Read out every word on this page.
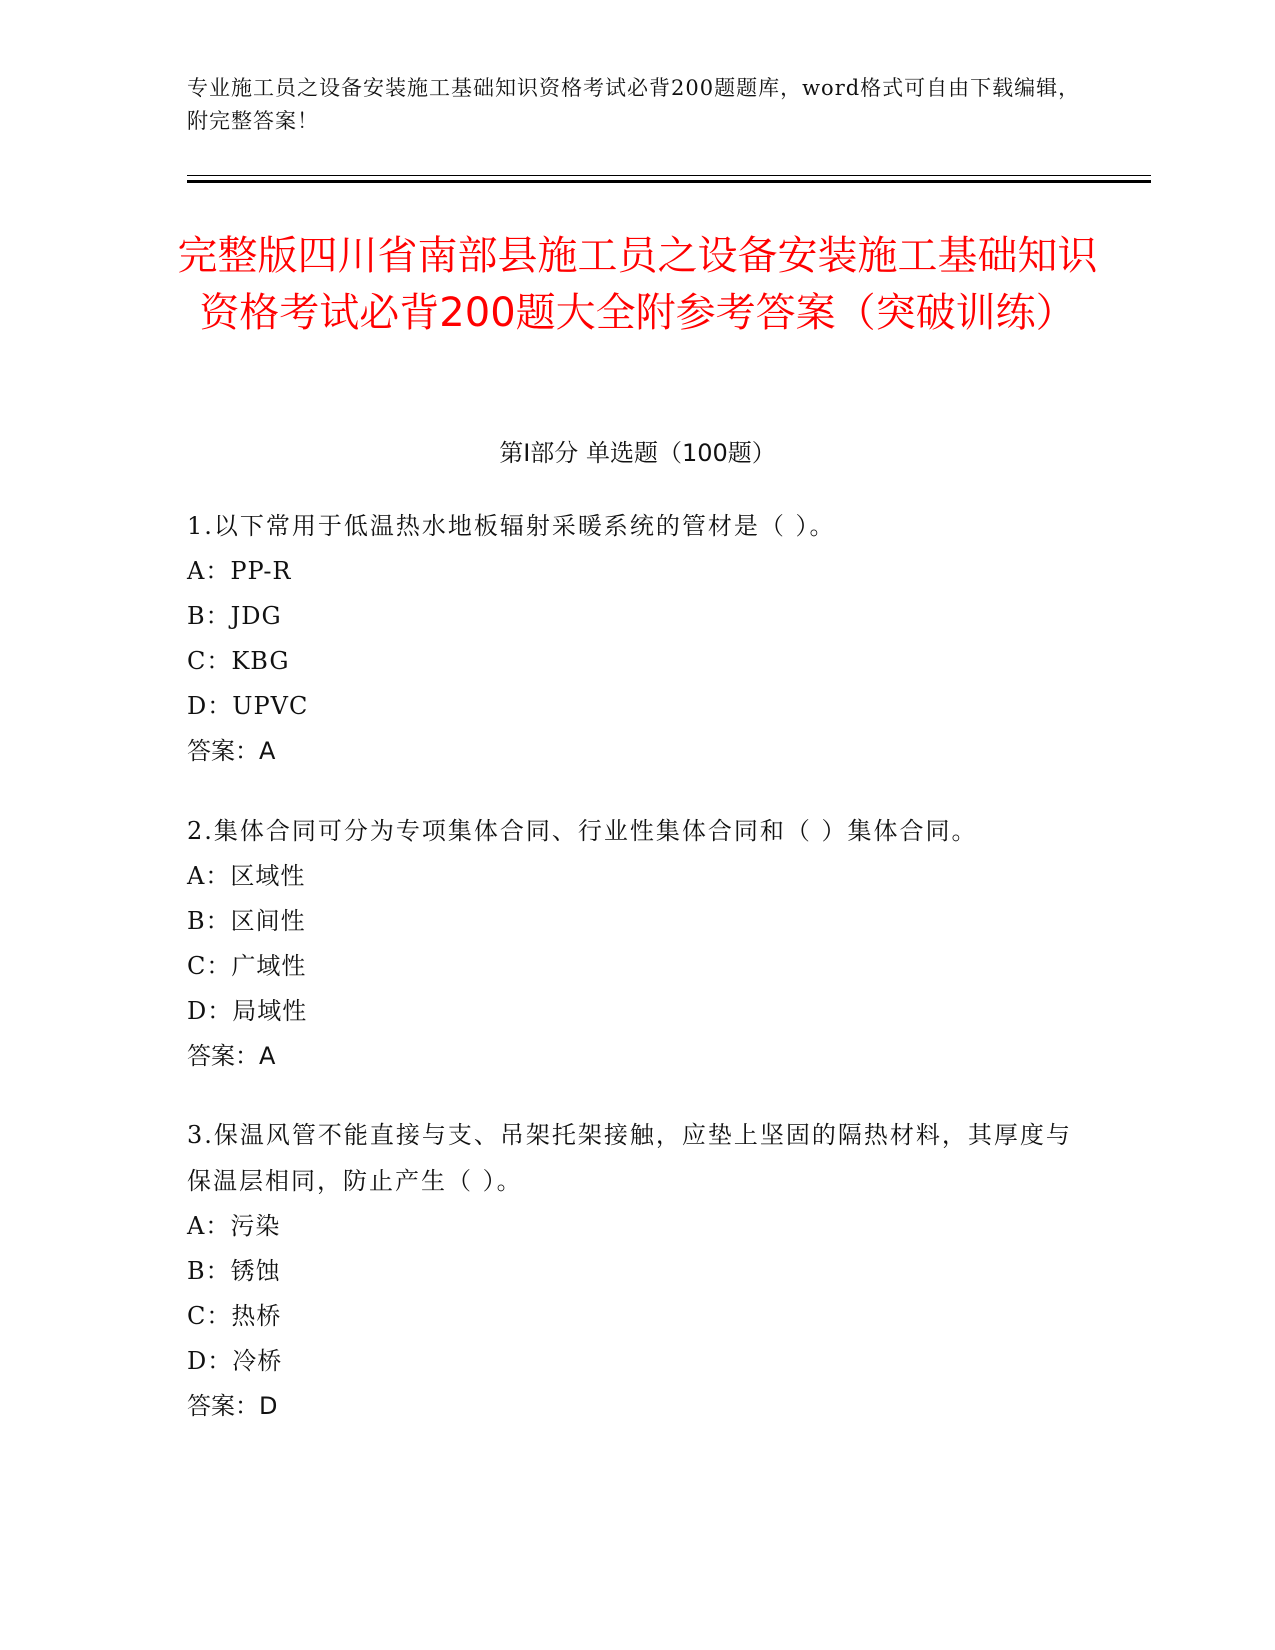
专业施工员之设备安装施工基础知识资格考试必背200题题库，word格式可自由下载编辑，附完整答案！
完整版四川省南部县施工员之设备安装施工基础知识资格考试必背200题大全附参考答案（突破训练）
第Ⅰ部分 单选题（100题）
1.以下常用于低温热水地板辐射采暖系统的管材是（ ）。
A：PP-R
B：JDG
C：KBG
D：UPVC
答案：A
2.集体合同可分为专项集体合同、行业性集体合同和（ ）集体合同。
A：区域性
B：区间性
C：广域性
D：局域性
答案：A
3.保温风管不能直接与支、吊架托架接触，应垫上坚固的隔热材料，其厚度与保温层相同，防止产生（ ）。
A：污染
B：锈蚀
C：热桥
D：冷桥
答案：D
